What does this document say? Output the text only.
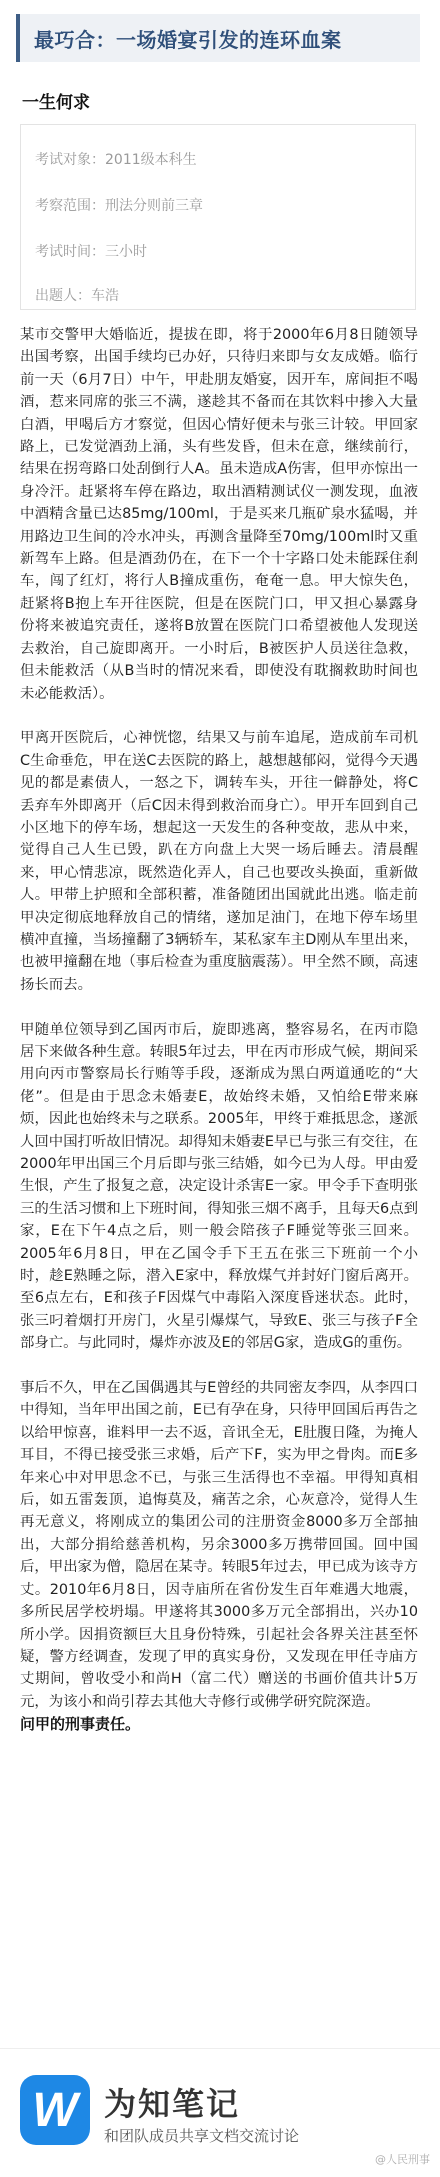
最巧合：一场婚宴引发的连环血案
一生何求
考试对象：2011级本科生
考察范围：刑法分则前三章
考试时间：三小时
出题人：车浩

某市交警甲大婚临近，提拔在即，将于2000年6月8日随领导出国考察，出国手续均已办好，只待归来即与女友成婚。临行前一天（6月7日）中午，甲赴朋友婚宴，因开车，席间拒不喝酒，惹来同席的张三不满，遂趁其不备而在其饮料中掺入大量白酒，甲喝后方才察觉，但因心情好便未与张三计较。甲回家路上，已发觉酒劲上涌，头有些发昏，但未在意，继续前行，结果在拐弯路口处刮倒行人A。虽未造成A伤害，但甲亦惊出一身冷汗。赶紧将车停在路边，取出酒精测试仪一测发现，血液中酒精含量已达85mg/100ml，于是买来几瓶矿泉水猛喝，并用路边卫生间的冷水冲头，再测含量降至70mg/100ml时又重新驾车上路。但是酒劲仍在，在下一个十字路口处未能踩住刹车，闯了红灯，将行人B撞成重伤，奄奄一息。甲大惊失色，赶紧将B抱上车开往医院，但是在医院门口，甲又担心暴露身份将来被追究责任，遂将B放置在医院门口希望被他人发现送去救治，自己旋即离开。一小时后，B被医护人员送往急救，但未能救活（从B当时的情况来看，即使没有耽搁救助时间也未必能救活）。

甲离开医院后，心神恍惚，结果又与前车追尾，造成前车司机C生命垂危，甲在送C去医院的路上，越想越郁闷，觉得今天遇见的都是素债人，一怒之下，调转车头，开往一僻静处，将C丢弃车外即离开（后C因未得到救治而身亡）。甲开车回到自己小区地下的停车场，想起这一天发生的各种变故，悲从中来，觉得自己人生已毁，趴在方向盘上大哭一场后睡去。清晨醒来，甲心情悲凉，既然造化弄人，自己也要改头换面，重新做人。甲带上护照和全部积蓄，准备随团出国就此出逃。临走前甲决定彻底地释放自己的情绪，遂加足油门，在地下停车场里横冲直撞，当场撞翻了3辆轿车，某私家车主D刚从车里出来，也被甲撞翻在地（事后检查为重度脑震荡）。甲全然不顾，高速扬长而去。

甲随单位领导到乙国丙市后，旋即逃离，整容易名，在丙市隐居下来做各种生意。转眼5年过去，甲在丙市形成气候，期间采用向丙市警察局长行贿等手段，逐渐成为黑白两道通吃的“大佬”。但是由于思念未婚妻E，故始终未婚，又怕给E带来麻烦，因此也始终未与之联系。2005年，甲终于难抵思念，遂派人回中国打听故旧情况。却得知未婚妻E早已与张三有交往，在2000年甲出国三个月后即与张三结婚，如今已为人母。甲由爱生恨，产生了报复之意，决定设计杀害E一家。甲令手下查明张三的生活习惯和上下班时间，得知张三烟不离手，且每天6点到家，E在下午4点之后，则一般会陪孩子F睡觉等张三回来。2005年6月8日，甲在乙国令手下王五在张三下班前一个小时，趁E熟睡之际，潜入E家中，释放煤气并封好门窗后离开。至6点左右，E和孩子F因煤气中毒陷入深度昏迷状态。此时，张三叼着烟打开房门，火星引爆煤气，导致E、张三与孩子F全部身亡。与此同时，爆炸亦波及E的邻居G家，造成G的重伤。

事后不久，甲在乙国偶遇其与E曾经的共同密友李四，从李四口中得知，当年甲出国之前，E已有孕在身，只待甲回国后再告之以给甲惊喜，谁料甲一去不返，音讯全无，E肚腹日隆，为掩人耳目，不得已接受张三求婚，后产下F，实为甲之骨肉。而E多年来心中对甲思念不已，与张三生活得也不幸福。甲得知真相后，如五雷轰顶，追悔莫及，痛苦之余，心灰意冷，觉得人生再无意义，将刚成立的集团公司的注册资金8000多万全部抽出，大部分捐给慈善机构，另余3000多万携带回国。回中国后，甲出家为僧，隐居在某寺。转眼5年过去，甲已成为该寺方丈。2010年6月8日，因寺庙所在省份发生百年难遇大地震，多所民居学校坍塌。甲遂将其3000多万元全部捐出，兴办10所小学。因捐资额巨大且身份特殊，引起社会各界关注甚至怀疑，警方经调查，发现了甲的真实身份，又发现在甲任寺庙方丈期间，曾收受小和尚H（富二代）赠送的书画价值共计5万元，为该小和尚引荐去其他大寺修行或佛学研究院深造。

问甲的刑事责任。

W 为知笔记
和团队成员共享文档交流讨论
@人民刑事
